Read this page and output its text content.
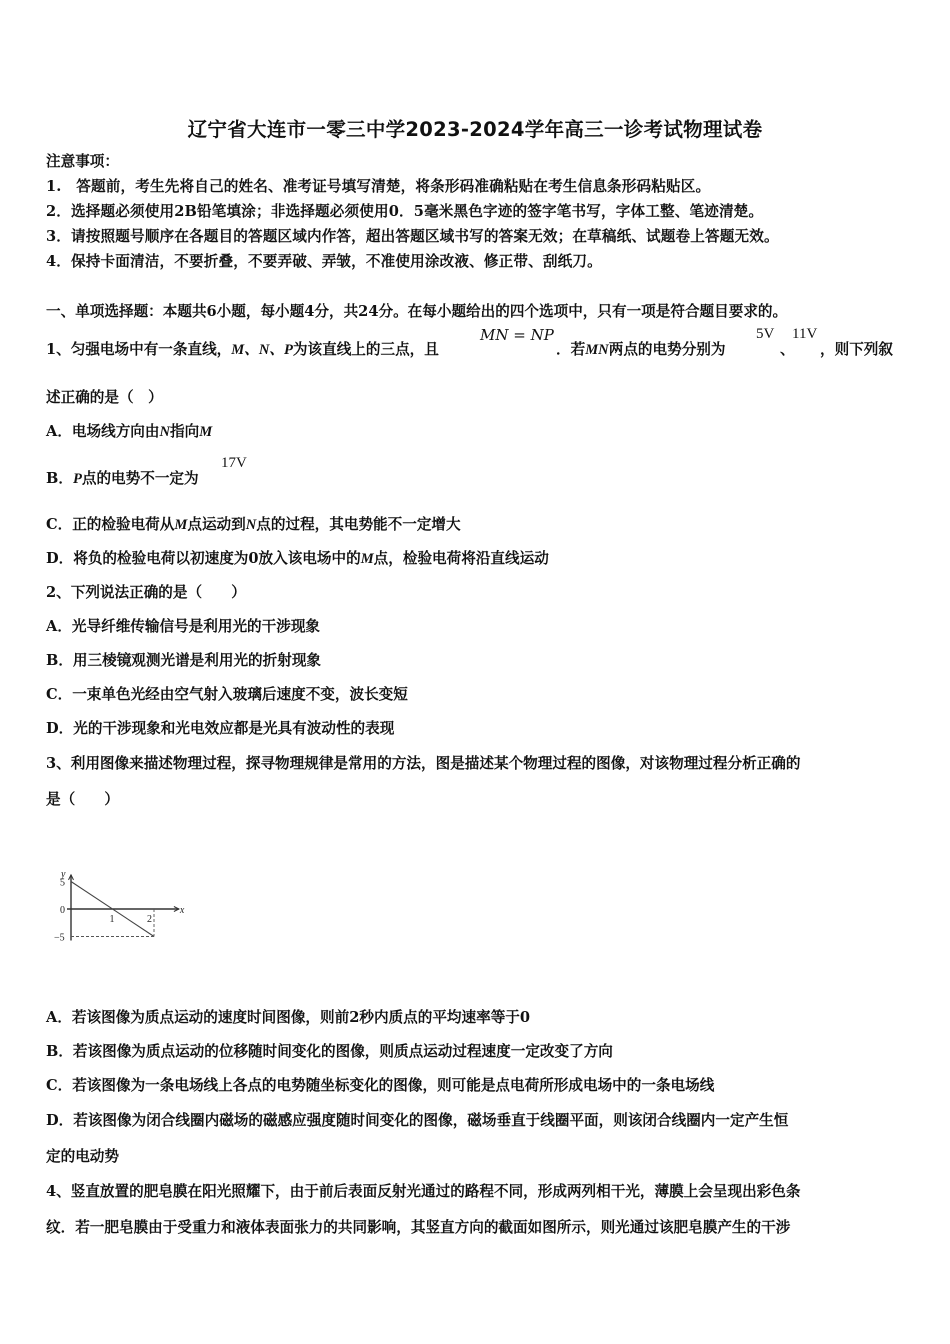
辽宁省大连市一零三中学2023-2024学年高三一诊考试物理试卷
注意事项：
1.　答题前，考生先将自己的姓名、准考证号填写清楚，将条形码准确粘贴在考生信息条形码粘贴区。
2．选择题必须使用2B铅笔填涂；非选择题必须使用0．5毫米黑色字迹的签字笔书写，字体工整、笔迹清楚。
3．请按照题号顺序在各题目的答题区域内作答，超出答题区域书写的答案无效；在草稿纸、试题卷上答题无效。
4．保持卡面清洁，不要折叠，不要弄破、弄皱，不准使用涂改液、修正带、刮纸刀。
一、单项选择题：本题共6小题，每小题4分，共24分。在每小题给出的四个选项中，只有一项是符合题目要求的。
1、匀强电场中有一条直线，M、N、P为该直线上的三点，且
MN = NP
．若MN两点的电势分别为
5V
、
11V
，则下列叙
述正确的是（　）
A．电场线方向由N指向M
B．P点的电势不一定为
17V
C．正的检验电荷从M点运动到N点的过程，其电势能不一定增大
D．将负的检验电荷以初速度为0放入该电场中的M点，检验电荷将沿直线运动
2、下列说法正确的是（　　）
A．光导纤维传输信号是利用光的干涉现象
B．用三棱镜观测光谱是利用光的折射现象
C．一束单色光经由空气射入玻璃后速度不变，波长变短
D．光的干涉现象和光电效应都是光具有波动性的表现
3、利用图像来描述物理过程，探寻物理规律是常用的方法，图是描述某个物理过程的图像，对该物理过程分析正确的
是（　　）
y
x
5
0
−5
1	2
A．若该图像为质点运动的速度时间图像，则前2秒内质点的平均速率等于0
B．若该图像为质点运动的位移随时间变化的图像，则质点运动过程速度一定改变了方向
C．若该图像为一条电场线上各点的电势随坐标变化的图像，则可能是点电荷所形成电场中的一条电场线
D．若该图像为闭合线圈内磁场的磁感应强度随时间变化的图像，磁场垂直于线圈平面，则该闭合线圈内一定产生恒
定的电动势
4、竖直放置的肥皂膜在阳光照耀下，由于前后表面反射光通过的路程不同，形成两列相干光，薄膜上会呈现出彩色条
纹．若一肥皂膜由于受重力和液体表面张力的共同影响，其竖直方向的截面如图所示，则光通过该肥皂膜产生的干涉
